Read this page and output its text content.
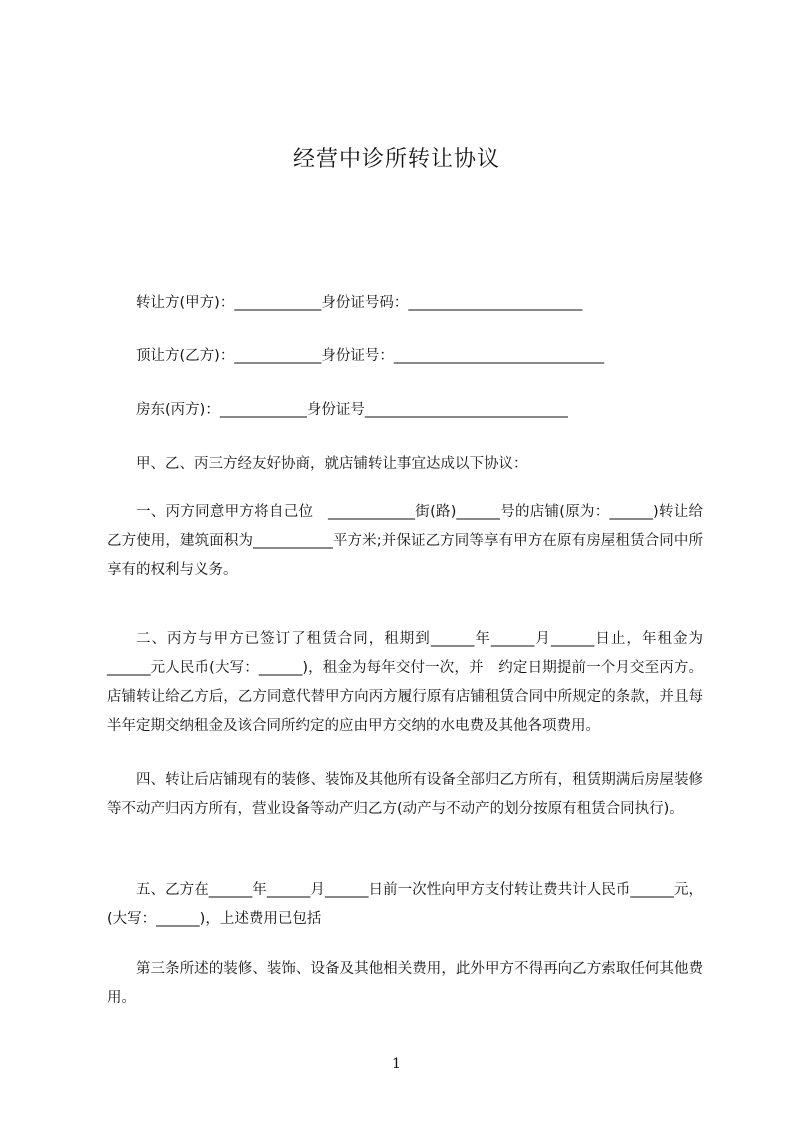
经营中诊所转让协议

转让方(甲方)：____________身份证号码：________________________

顶让方(乙方)：____________身份证号：_____________________________

房东(丙方)：____________身份证号____________________________

甲、乙、丙三方经友好协商，就店铺转让事宜达成以下协议：

一、丙方同意甲方将自己位　____________街(路)______号的店铺(原为：______)转让给乙方使用，建筑面积为___________平方米;并保证乙方同等享有甲方在原有房屋租赁合同中所享有的权利与义务。

二、丙方与甲方已签订了租赁合同，租期到______年______月______日止，年租金为______元人民币(大写：______)，租金为每年交付一次，并　约定日期提前一个月交至丙方。店铺转让给乙方后，乙方同意代替甲方向丙方履行原有店铺租赁合同中所规定的条款，并且每半年定期交纳租金及该合同所约定的应由甲方交纳的水电费及其他各项费用。

四、转让后店铺现有的装修、装饰及其他所有设备全部归乙方所有，租赁期满后房屋装修等不动产归丙方所有，营业设备等动产归乙方(动产与不动产的划分按原有租赁合同执行)。

五、乙方在______年______月______日前一次性向甲方支付转让费共计人民币______元，(大写：______)，上述费用已包括

第三条所述的装修、装饰、设备及其他相关费用，此外甲方不得再向乙方索取任何其他费用。

1
